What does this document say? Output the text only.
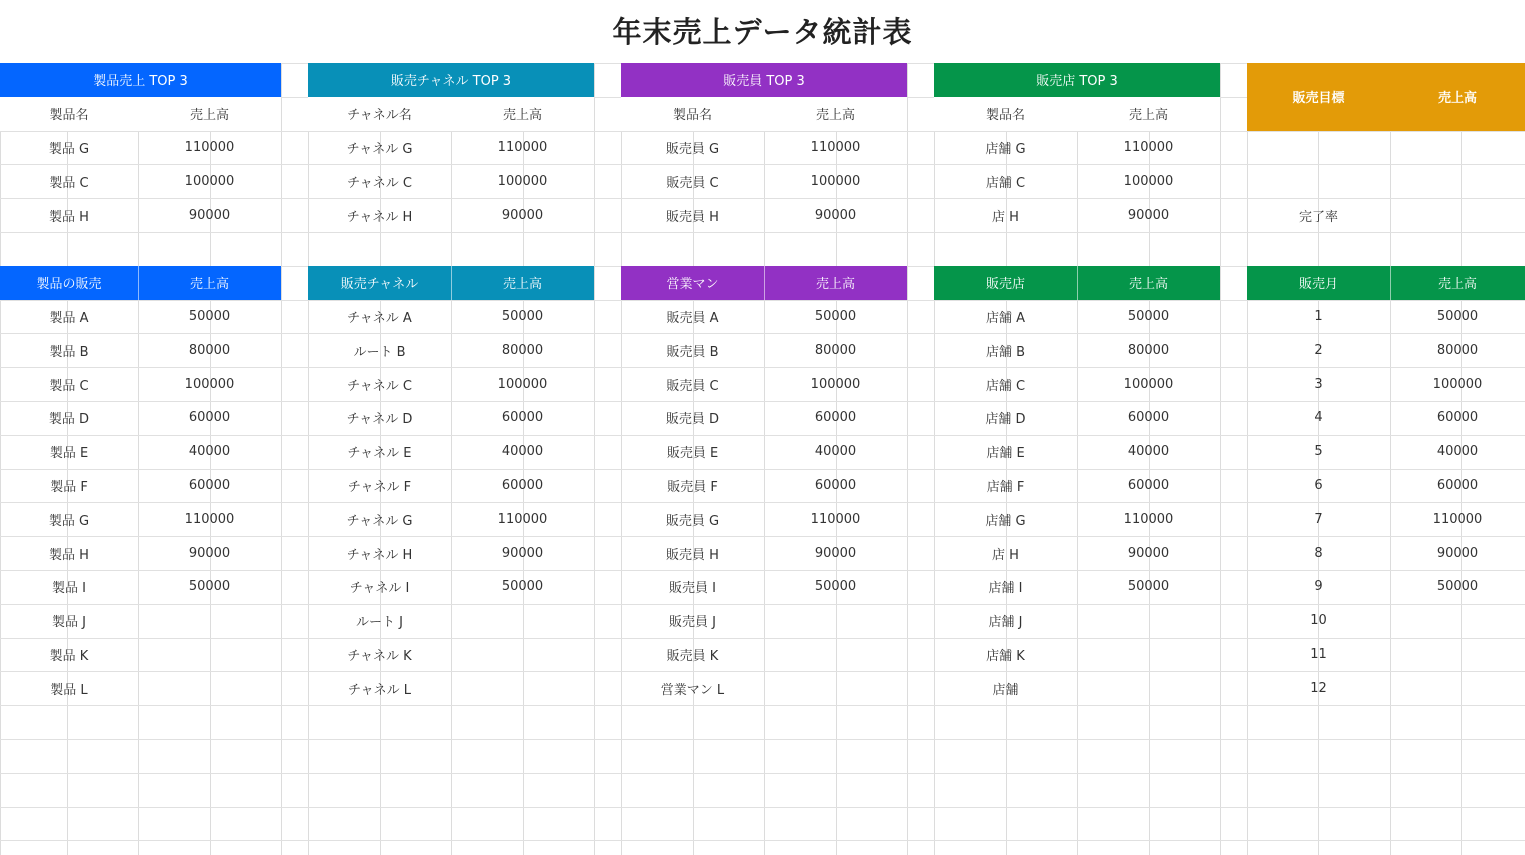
年末売上データ統計表
製品売上 TOP 3
製品名	売上高
製品 G	110000
製品 C	100000
製品 H	90000
販売チャネル TOP 3
チャネル名	売上高
チャネル G	110000
チャネル C	100000
チャネル H	90000
販売員 TOP 3
製品名	売上高
販売員 G	110000
販売員 C	100000
販売員 H	90000
販売店 TOP 3
製品名	売上高
店舗 G	110000
店舗 C	100000
店 H	90000
販売目標	売上高
完了率
製品の販売	売上高
製品 A	50000
製品 B	80000
製品 C	100000
製品 D	60000
製品 E	40000
製品 F	60000
製品 G	110000
製品 H	90000
製品 I	50000
製品 J
製品 K
製品 L
販売チャネル	売上高
チャネル A	50000
ルート B	80000
チャネル C	100000
チャネル D	60000
チャネル E	40000
チャネル F	60000
チャネル G	110000
チャネル H	90000
チャネル I	50000
ルート J
チャネル K
チャネル L
営業マン	売上高
販売員 A	50000
販売員 B	80000
販売員 C	100000
販売員 D	60000
販売員 E	40000
販売員 F	60000
販売員 G	110000
販売員 H	90000
販売員 I	50000
販売員 J
販売員 K
営業マン L
販売店	売上高
店舗 A	50000
店舗 B	80000
店舗 C	100000
店舗 D	60000
店舗 E	40000
店舗 F	60000
店舗 G	110000
店 H	90000
店舗 I	50000
店舗 J
店舗 K
店舗
販売月	売上高
1	50000
2	80000
3	100000
4	60000
5	40000
6	60000
7	110000
8	90000
9	50000
10
11
12
